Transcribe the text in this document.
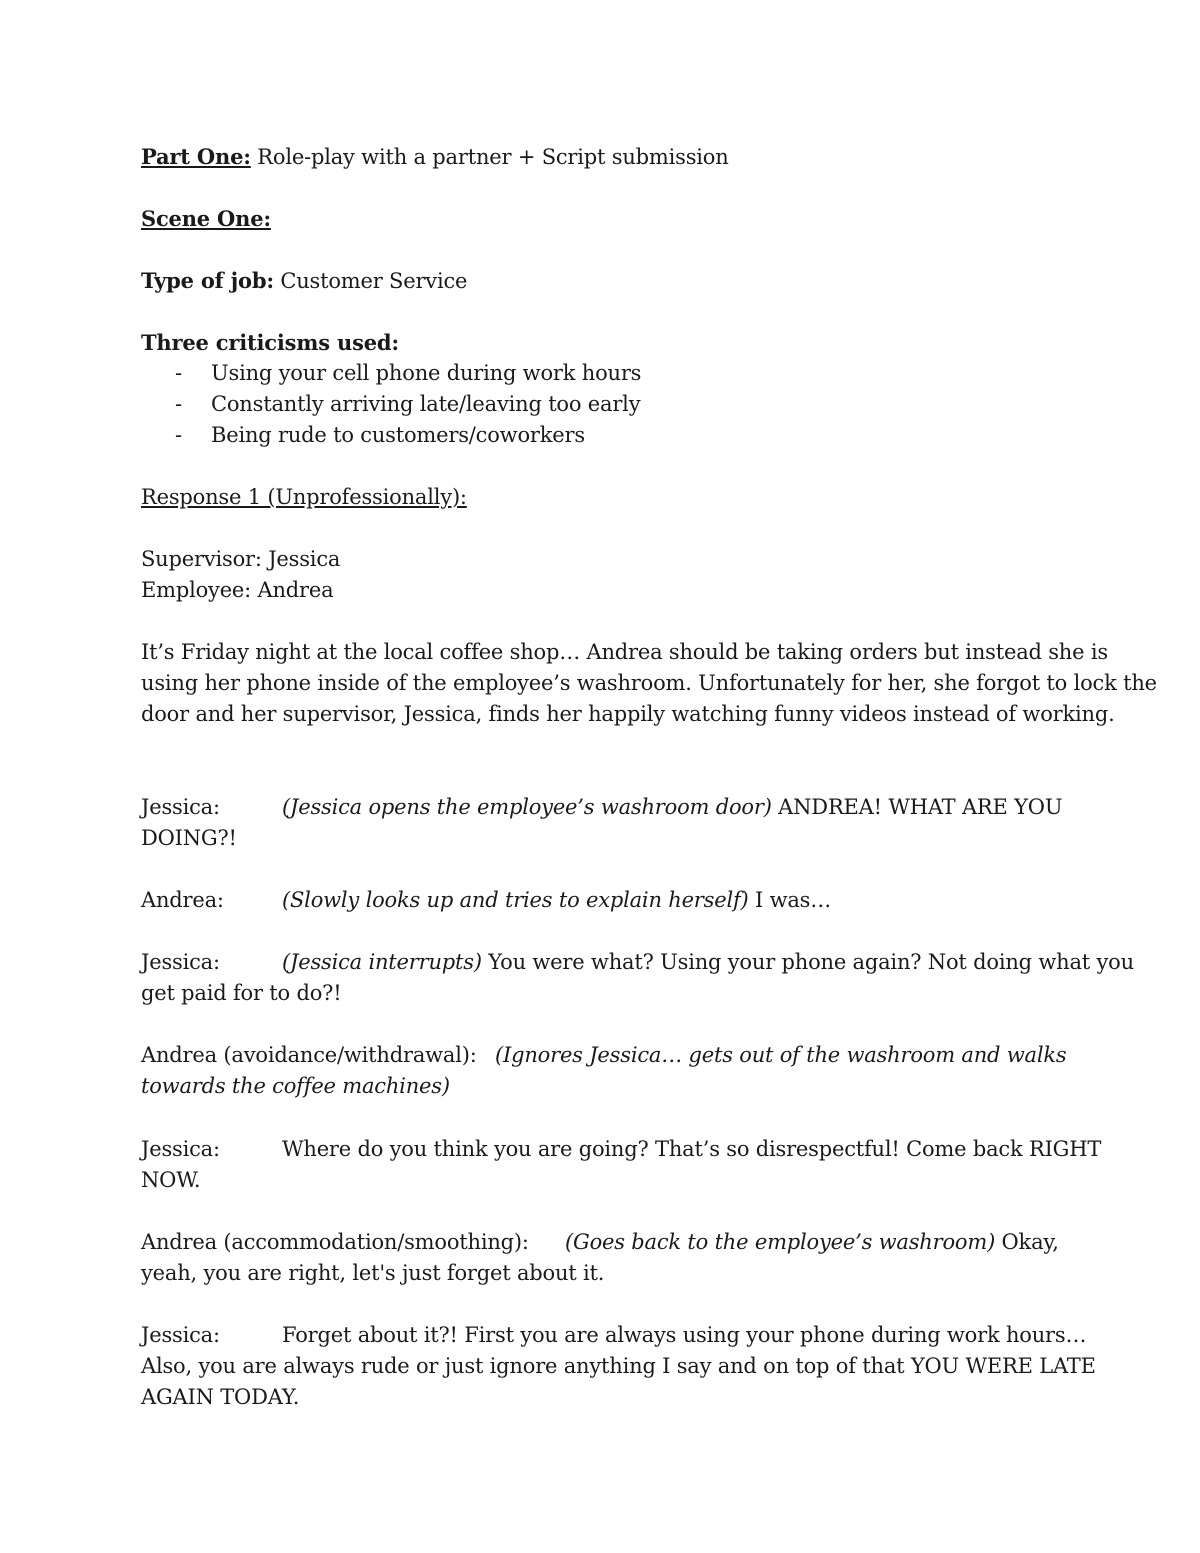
Part One: Role-play with a partner + Script submission
Scene One:
Type of job: Customer Service
Three criticisms used:
- Using your cell phone during work hours
- Constantly arriving late/leaving too early
- Being rude to customers/coworkers
Response 1 (Unprofessionally):
Supervisor: Jessica
Employee: Andrea
It’s Friday night at the local coffee shop… Andrea should be taking orders but instead she is
using her phone inside of the employee’s washroom. Unfortunately for her, she forgot to lock the
door and her supervisor, Jessica, finds her happily watching funny videos instead of working.
Jessica:	(Jessica opens the employee’s washroom door) ANDREA! WHAT ARE YOU
DOING?!
Andrea:	(Slowly looks up and tries to explain herself) I was…
Jessica:	(Jessica interrupts) You were what? Using your phone again? Not doing what you
get paid for to do?!
Andrea (avoidance/withdrawal): (Ignores Jessica… gets out of the washroom and walks
towards the coffee machines)
Jessica:	Where do you think you are going? That’s so disrespectful! Come back RIGHT
NOW.
Andrea (accommodation/smoothing): (Goes back to the employee’s washroom) Okay,
yeah, you are right, let's just forget about it.
Jessica:	Forget about it?! First you are always using your phone during work hours…
Also, you are always rude or just ignore anything I say and on top of that YOU WERE LATE
AGAIN TODAY.
